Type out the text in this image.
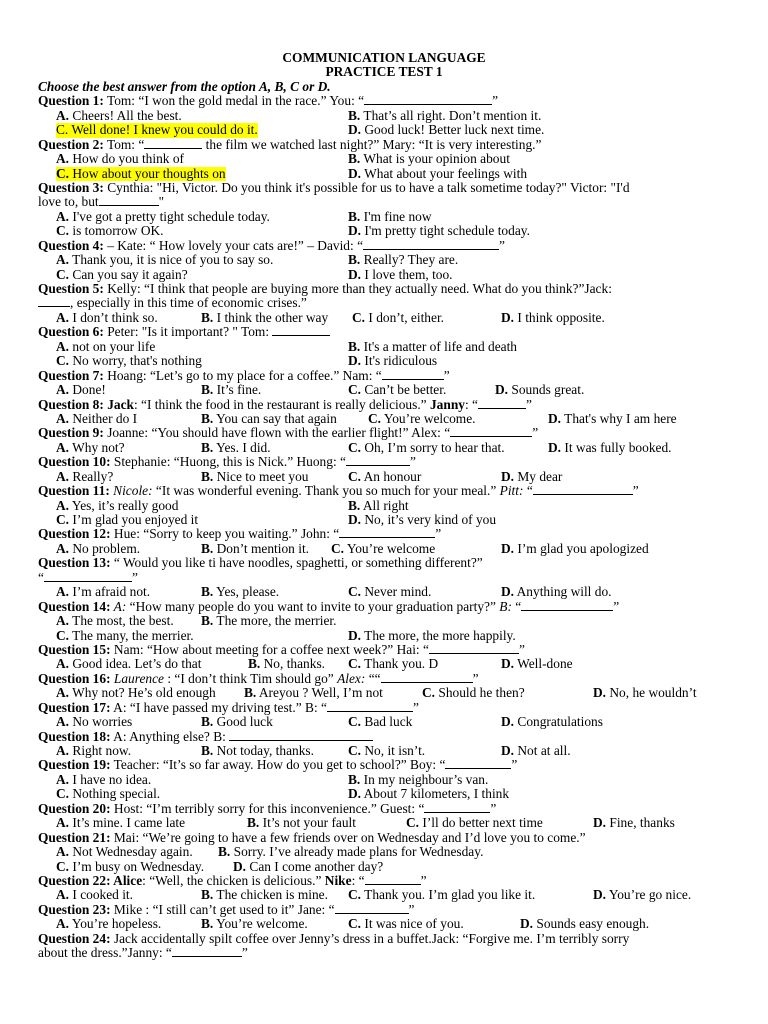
COMMUNICATION LANGUAGE
PRACTICE TEST 1
Choose the best answer from the option A, B, C or D.
Question 1: Tom: “I won the gold medal in the race.” You: “	”
A. Cheers! All the best.	B. That’s all right. Don’t mention it.
C. Well done! I knew you could do it.	D. Good luck! Better luck next time.
Question 2: Tom: “	the film we watched last night?” Mary: “It is very interesting.”
A. How do you think of	B. What is your opinion about
C. How about your thoughts on	D. What about your feelings with
Question 3: Cynthia: "Hi, Victor. Do you think it's possible for us to have a talk sometime today?" Victor: "I'd
love to, but	"
A. I've got a pretty tight schedule today.	B. I'm fine now
C. is tomorrow OK.	D. I'm pretty tight schedule today.
Question 4: – Kate: “ How lovely your cats are!” – David: “	”
A. Thank you, it is nice of you to say so.	B. Really? They are.
C. Can you say it again?	D. I love them, too.
Question 5: Kelly: “I think that people are buying more than they actually need. What do you think?”Jack:
, especially in this time of economic crises.”
A. I don’t think so.	B. I think the other way C. I don’t, either.	D. I think opposite.
Question 6: Peter: "Is it important? " Tom:
A. not on your life	B. It's a matter of life and death
C. No worry, that's nothing	D. It's ridiculous
Question 7: Hoang: “Let’s go to my place for a coffee.” Nam: “	”
A. Done!	B. It’s fine.	C. Can’t be better.	D. Sounds great.
Question 8: Jack: “I think the food in the restaurant is really delicious.” Janny: “	”
A. Neither do I	B. You can say that again C. You’re welcome.	D. That's why I am here
Question 9: Joanne: “You should have flown with the earlier flight!” Alex: “	”
A. Why not?	B. Yes. I did.	C. Oh, I’m sorry to hear that.	D. It was fully booked.
Question 10: Stephanie: “Huong, this is Nick.” Huong: “	”
A. Really?	B. Nice to meet you	C. An honour	D. My dear
Question 11: Nicole: “It was wonderful evening. Thank you so much for your meal.” Pitt: “	”
A. Yes, it’s really good	B. All right
C. I’m glad you enjoyed it	D. No, it’s very kind of you
Question 12: Hue: “Sorry to keep you waiting.” John: “	”
A. No problem.	B. Don’t mention it. C. You’re welcome	D. I’m glad you apologized
Question 13: “ Would you like ti have noodles, spaghetti, or something different?”
“	”
A. I’m afraid not.	B. Yes, please.	C. Never mind.	D. Anything will do.
Question 14: A: “How many people do you want to invite to your graduation party?” B: “	”
A. The most, the best. B. The more, the merrier.
C. The many, the merrier.	D. The more, the more happily.
Question 15: Nam: “How about meeting for a coffee next week?” Hai: “	”
A. Good idea. Let’s do that	B. No, thanks. C. Thank you. D	D. Well-done
Question 16: Laurence : “I don’t think Tim should go” Alex: ““	”
A. Why not? He’s old enough B. Areyou ? Well, I’m not	C. Should he then?	D. No, he wouldn’t
Question 17: A: “I have passed my driving test.” B: “	”
A. No worries	B. Good luck	C. Bad luck	D. Congratulations
Question 18: A: Anything else? B:
A. Right now.	B. Not today, thanks.	C. No, it isn’t.	D. Not at all.
Question 19: Teacher: “It’s so far away. How do you get to school?” Boy: “	”
A. I have no idea.	B. In my neighbour’s van.
C. Nothing special.	D. About 7 kilometers, I think
Question 20: Host: “I’m terribly sorry for this inconvenience.” Guest: “	”
A. It’s mine. I came late	B. It’s not your fault	C. I’ll do better next time	D. Fine, thanks
Question 21: Mai: “We’re going to have a few friends over on Wednesday and I’d love you to come.”
A. Not Wednesday again. B. Sorry. I’ve already made plans for Wednesday.
C. I’m busy on Wednesday. D. Can I come another day?
Question 22: Alice: “Well, the chicken is delicious.” Nike: “	”
A. I cooked it.	B. The chicken is mine. C. Thank you. I’m glad you like it.	D. You’re go nice.
Question 23: Mike : “I still can’t get used to it” Jane: “	”
A. You’re hopeless.	B. You’re welcome.	C. It was nice of you.	D. Sounds easy enough.
Question 24: Jack accidentally spilt coffee over Jenny’s dress in a buffet.Jack: “Forgive me. I’m terribly sorry
about the dress.”Janny: “	”
